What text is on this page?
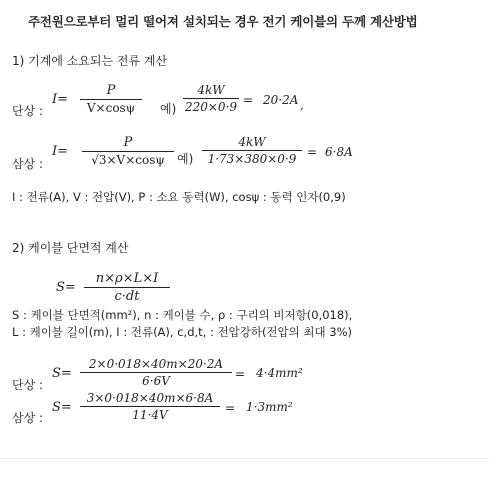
주전원으로부터 멀리 떨어져 설치되는 경우 전기 케이블의 두께 계산방법
1) 기계에 소요되는 전류 계산
단상 :
I=
P
V×cosψ	예)
4kW
220×0·9 = 20·2A ,
삼상 :
I=
P
√3×V×cosψ	예)
4kW
1·73×380×0·9 = 6·8A
I : 전류(A), V : 전압(V), P : 소요 동력(W), cosψ : 동력 인자(0,9)
2) 케이블 단면적 계산
S=
n×ρ×L×I
c·dt
S : 케이블 단면적(mm²), n : 케이블 수, ρ : 구리의 비저항(0,018),
L : 케이블 길이(m), I : 전류(A), c,d,t, : 전압강하(전압의 최대 3%)
단상 :
S=
2×0·018×40m×20·2A
6·6V	= 4·4mm²
삼상 :
S=
3×0·018×40m×6·8A
11·4V	= 1·3mm²
